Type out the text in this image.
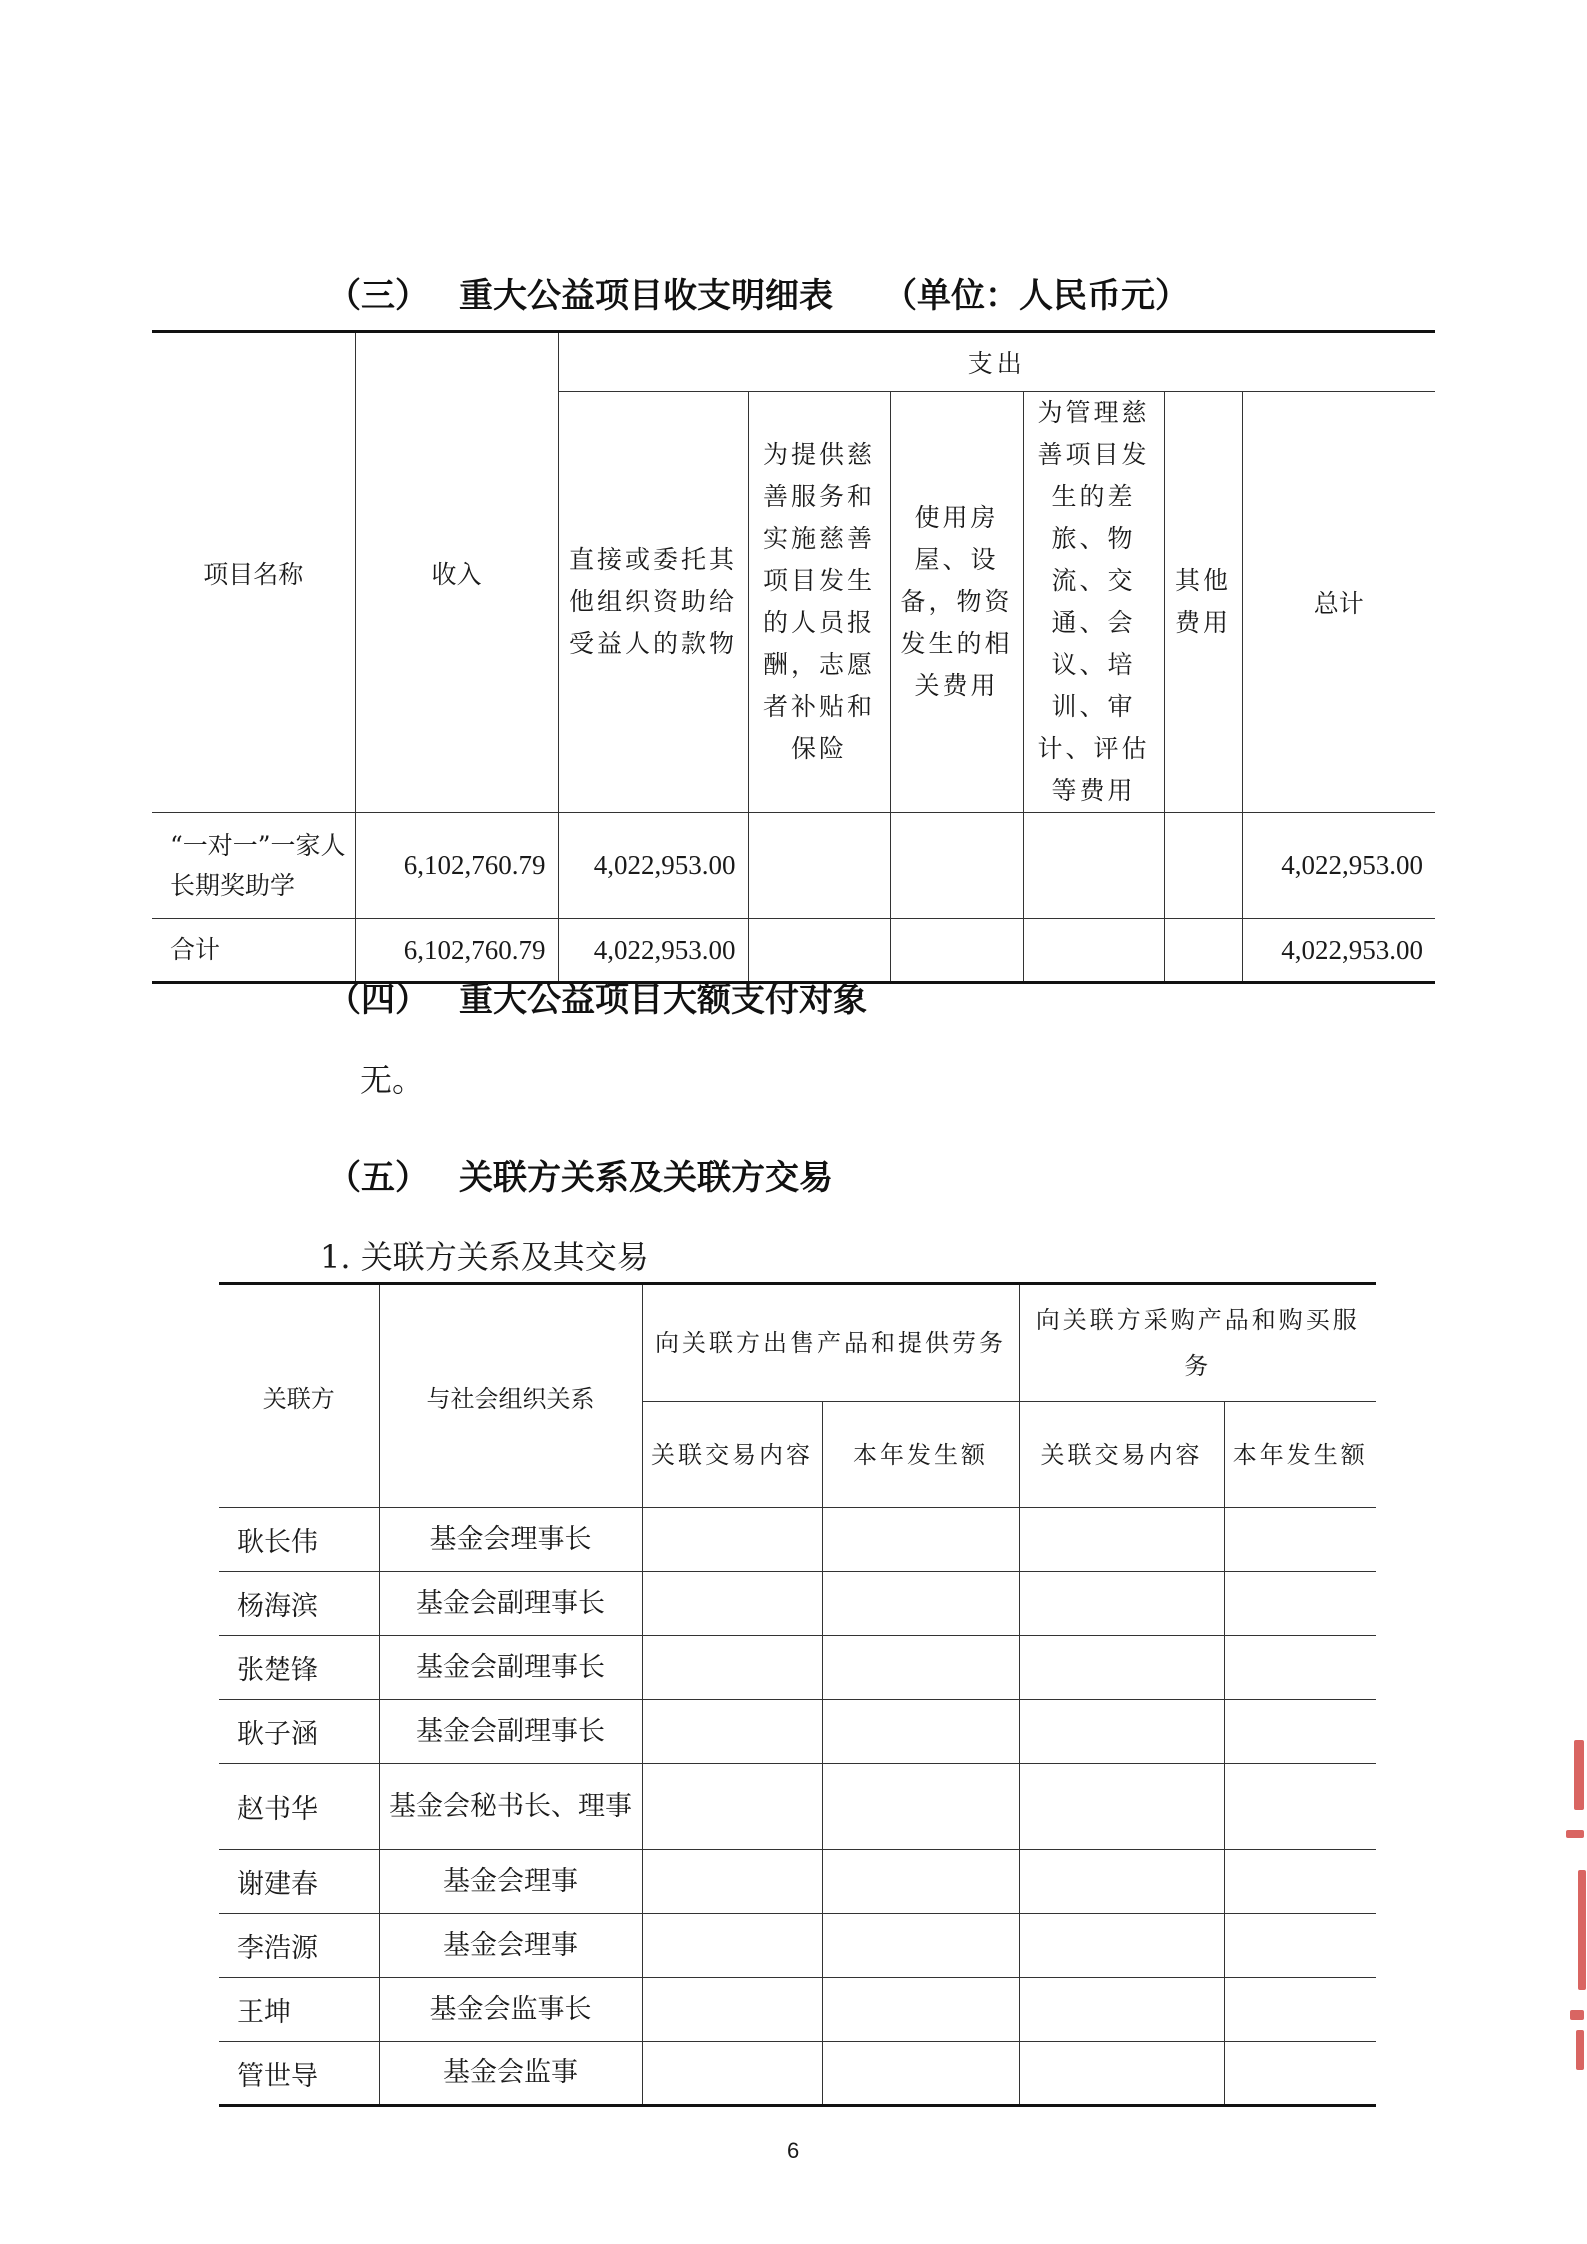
（三） 重大公益项目收支明细表 （单位：人民币元）
项目名称	收入	支出					
		直接或委托其他组织资助给受益人的款物	为提供慈善服务和实施慈善项目发生的人员报酬，志愿者补贴和保险	使用房屋、设备，物资发生的相关费用	为管理慈善项目发生的差旅、物流、交通、会议、培训、审计、评估等费用	其他费用	总计
“一对一”一家人长期奖助学	6,102,760.79	4,022,953.00					4,022,953.00
合计	6,102,760.79	4,022,953.00					4,022,953.00
（四） 重大公益项目大额支付对象
无。
（五） 关联方关系及关联方交易
1. 关联方关系及其交易
关联方	与社会组织关系	向关联方出售产品和提供劳务		向关联方采购产品和购买服务	
		关联交易内容	本年发生额	关联交易内容	本年发生额
耿长伟	基金会理事长				
杨海滨	基金会副理事长				
张楚锋	基金会副理事长				
耿子涵	基金会副理事长				
赵书华	基金会秘书长、理事				
谢建春	基金会理事				
李浩源	基金会理事				
王坤	基金会监事长				
管世导	基金会监事				
6
